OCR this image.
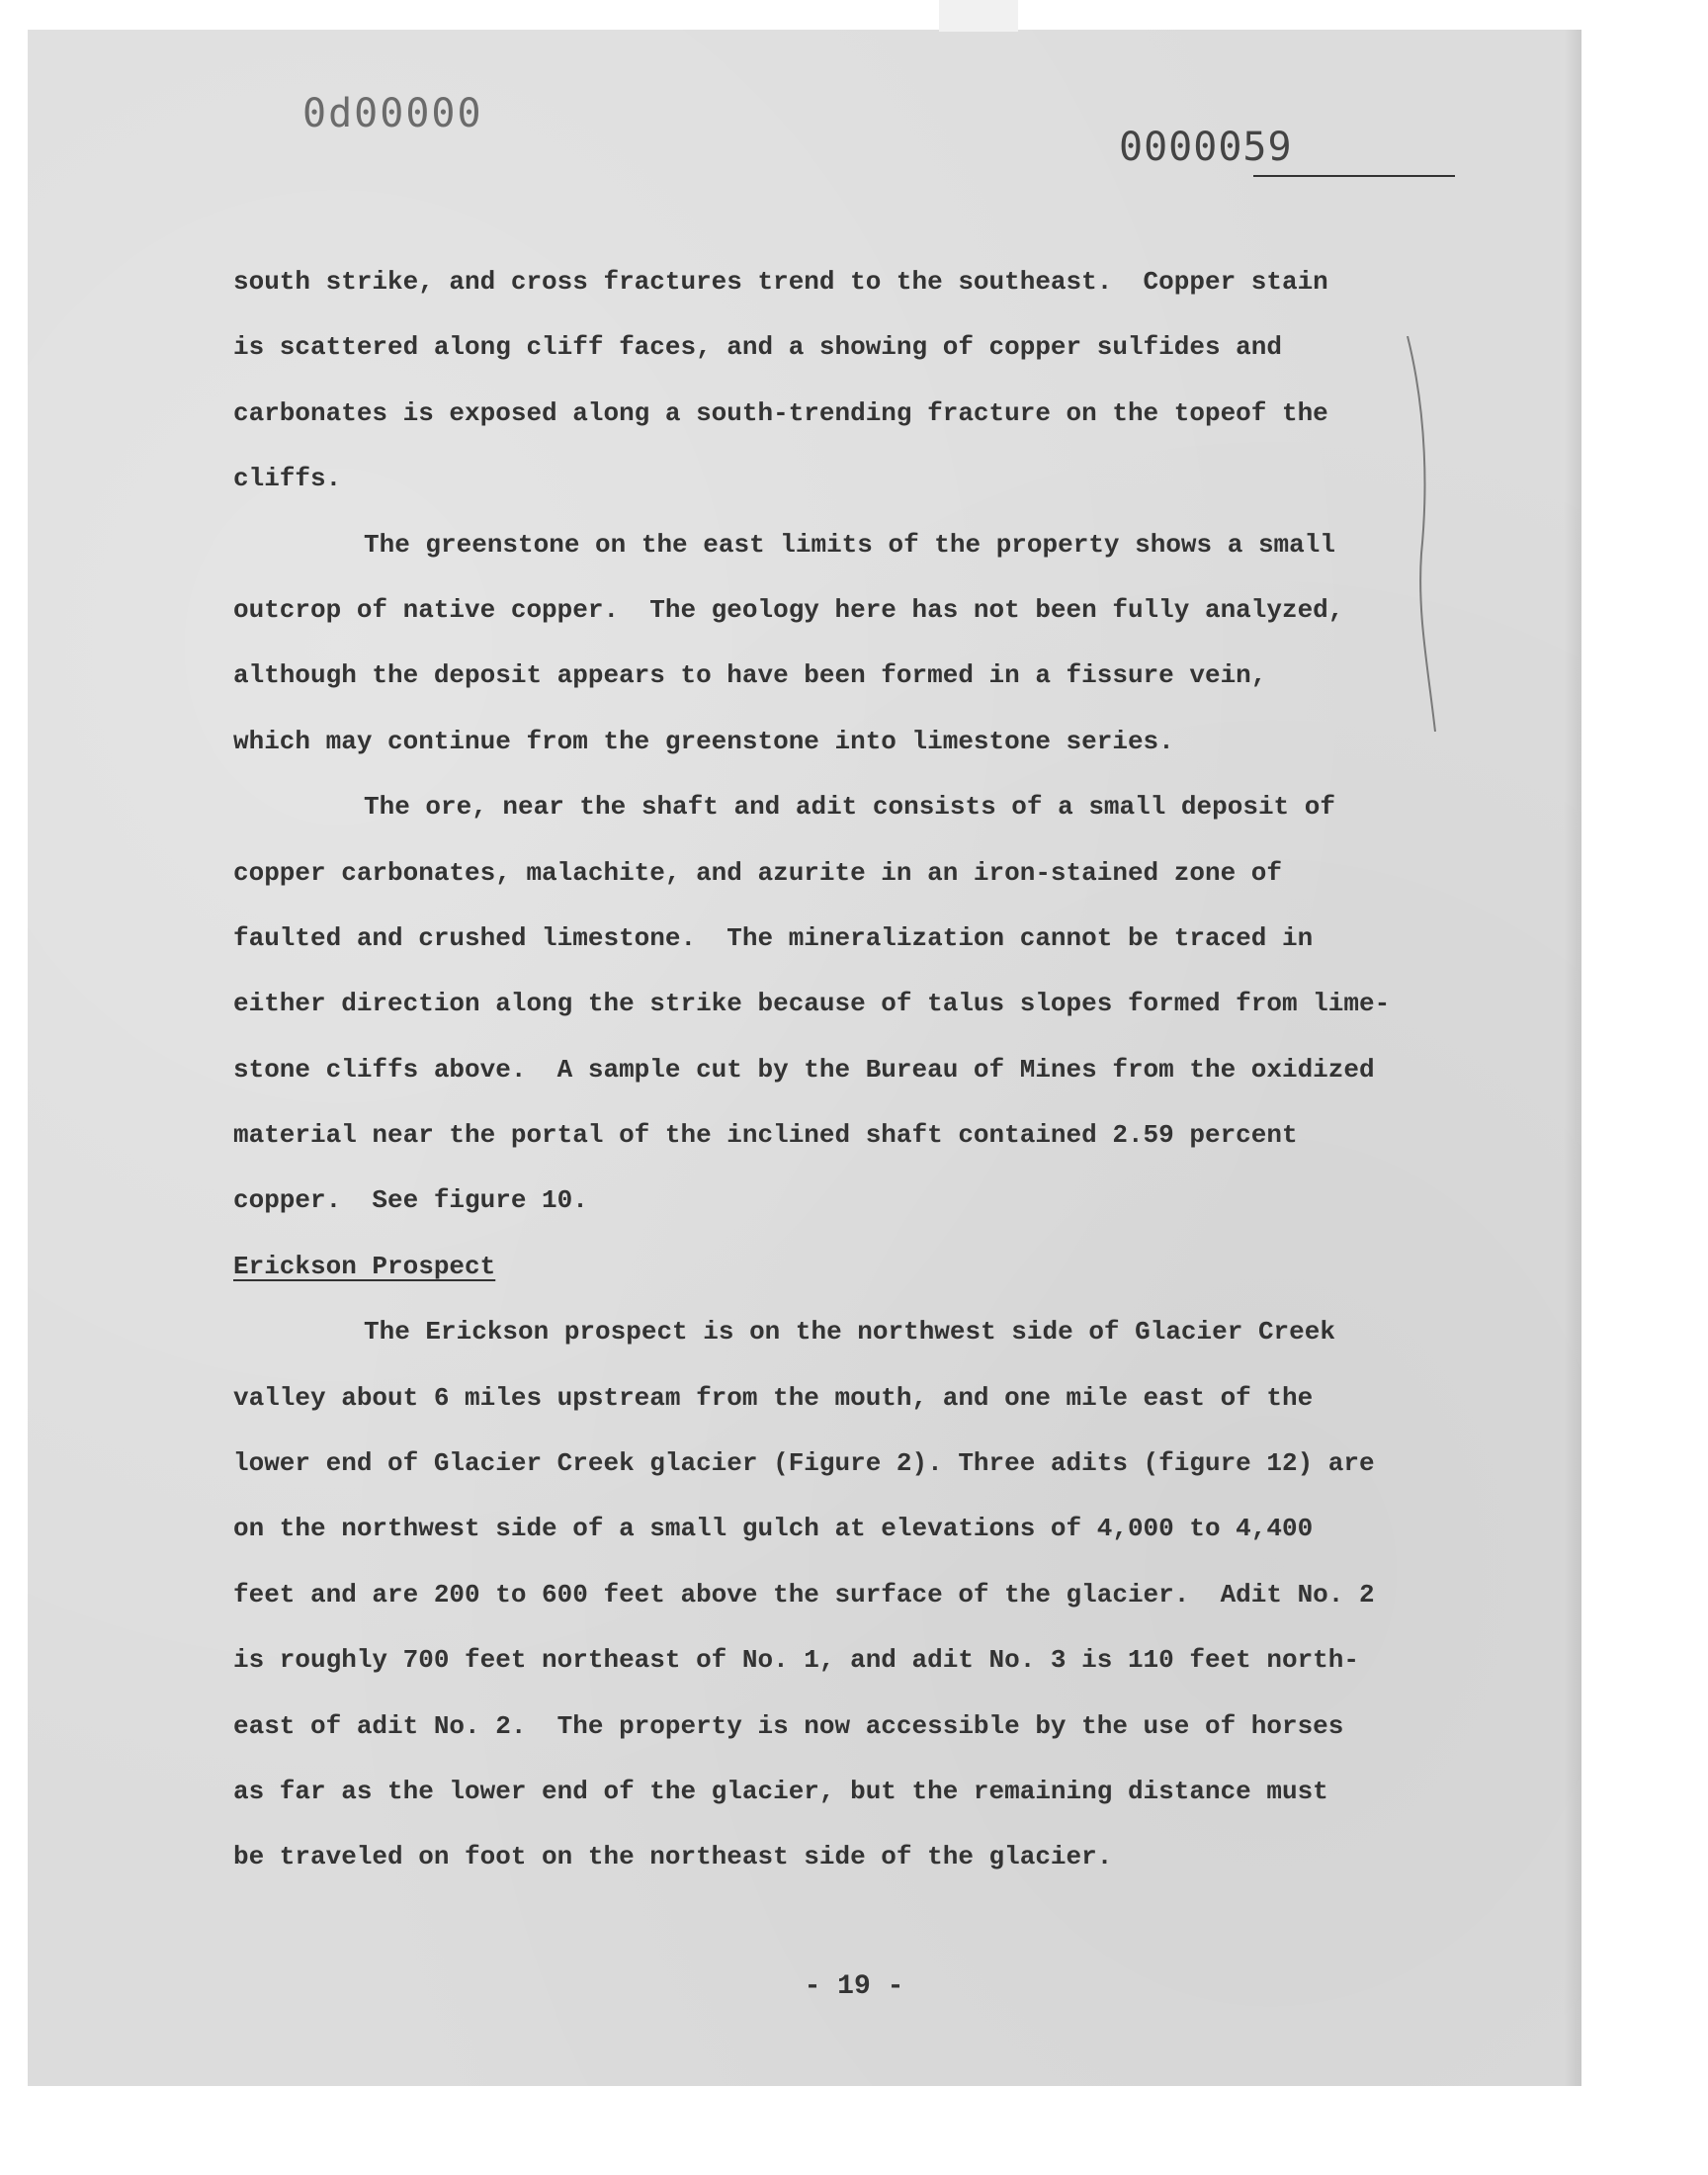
0d00000
0000059
south strike, and cross fractures trend to the southeast.  Copper stain
is scattered along cliff faces, and a showing of copper sulfides and
carbonates is exposed along a south-trending fracture on the topeof the
cliffs.
The greenstone on the east limits of the property shows a small
outcrop of native copper.  The geology here has not been fully analyzed,
although the deposit appears to have been formed in a fissure vein,
which may continue from the greenstone into limestone series.
The ore, near the shaft and adit consists of a small deposit of
copper carbonates, malachite, and azurite in an iron-stained zone of
faulted and crushed limestone.  The mineralization cannot be traced in
either direction along the strike because of talus slopes formed from lime-
stone cliffs above.  A sample cut by the Bureau of Mines from the oxidized
material near the portal of the inclined shaft contained 2.59 percent
copper.  See figure 10.
Erickson Prospect
The Erickson prospect is on the northwest side of Glacier Creek
valley about 6 miles upstream from the mouth, and one mile east of the
lower end of Glacier Creek glacier (Figure 2). Three adits (figure 12) are
on the northwest side of a small gulch at elevations of 4,000 to 4,400
feet and are 200 to 600 feet above the surface of the glacier.  Adit No. 2
is roughly 700 feet northeast of No. 1, and adit No. 3 is 110 feet north-
east of adit No. 2.  The property is now accessible by the use of horses
as far as the lower end of the glacier, but the remaining distance must
be traveled on foot on the northeast side of the glacier.
- 19 -
